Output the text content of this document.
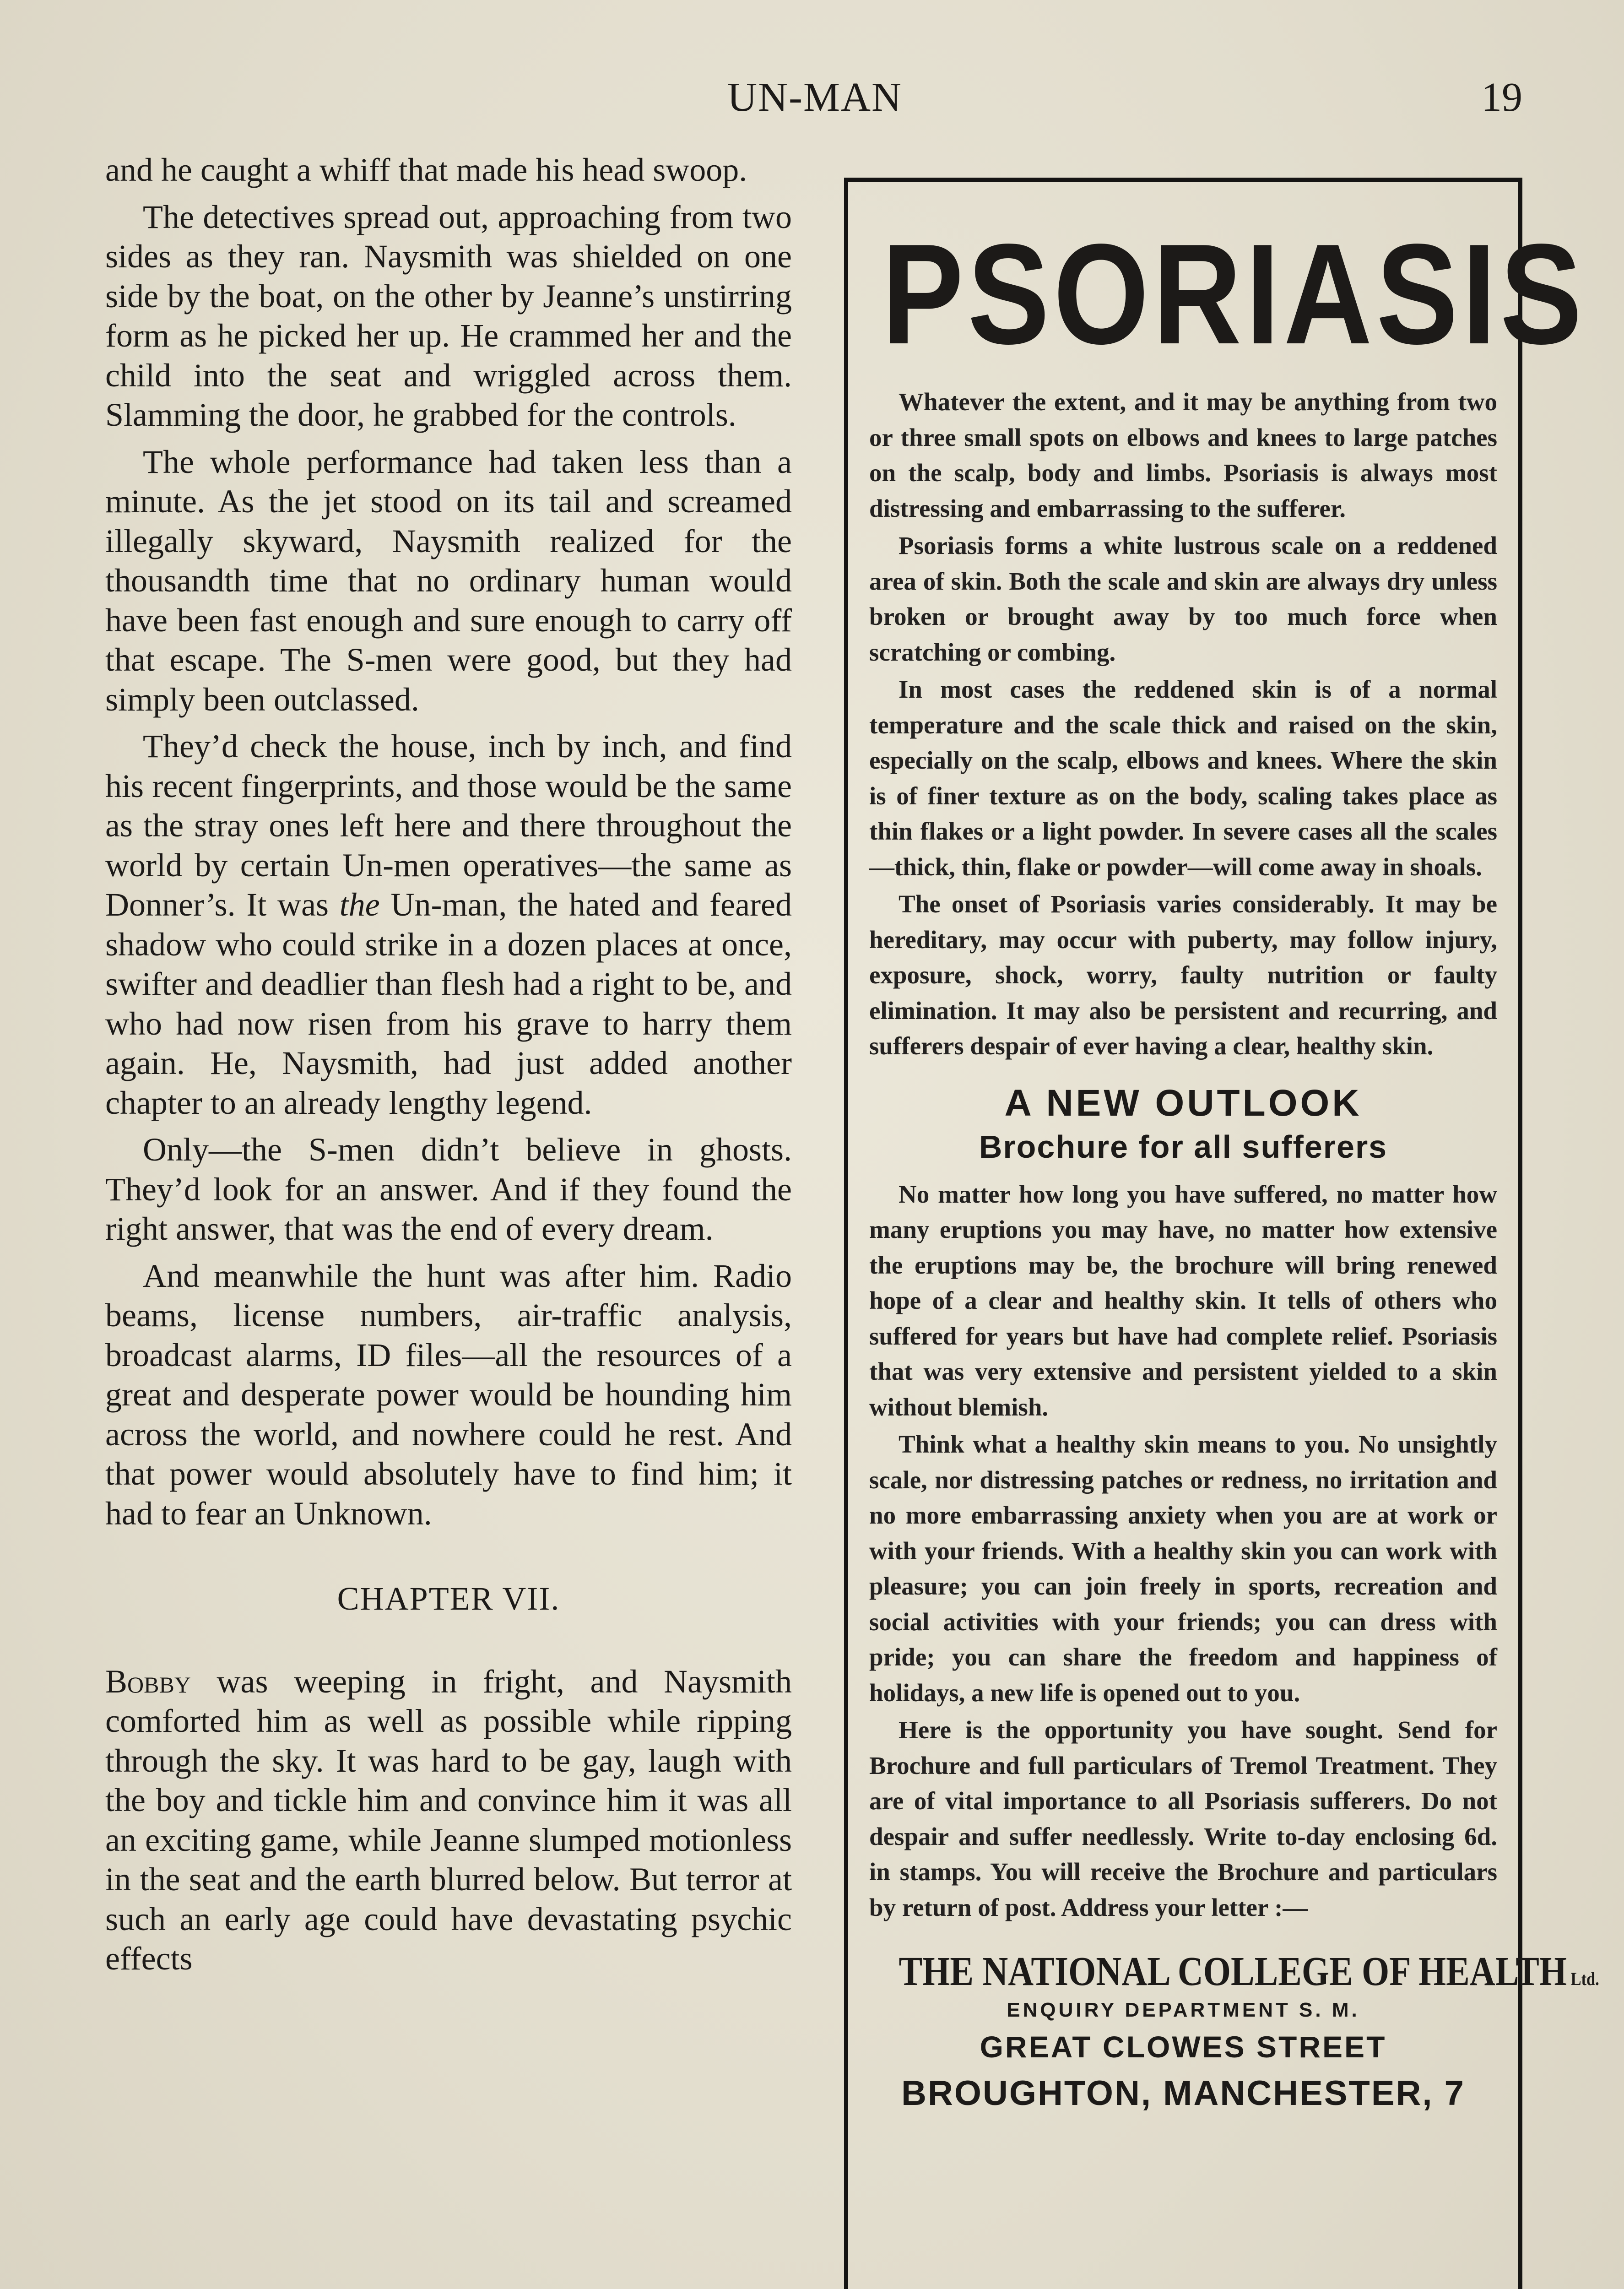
UN-MAN	19

and he caught a whiff that made his head swoop.

The detectives spread out, approaching from two sides as they ran. Naysmith was shielded on one side by the boat, on the other by Jeanne’s unstirring form as he picked her up. He crammed her and the child into the seat and wriggled across them. Slamming the door, he grabbed for the controls.

The whole performance had taken less than a minute. As the jet stood on its tail and screamed illegally skyward, Naysmith realized for the thousandth time that no ordinary human would have been fast enough and sure enough to carry off that escape. The S-men were good, but they had simply been outclassed.

They’d check the house, inch by inch, and find his recent fingerprints, and those would be the same as the stray ones left here and there throughout the world by certain Un-men operatives—the same as Donner’s. It was the Un-man, the hated and feared shadow who could strike in a dozen places at once, swifter and deadlier than flesh had a right to be, and who had now risen from his grave to harry them again. He, Naysmith, had just added another chapter to an already lengthy legend.

Only—the S-men didn’t believe in ghosts. They’d look for an answer. And if they found the right answer, that was the end of every dream.

And meanwhile the hunt was after him. Radio beams, license numbers, air-traffic analysis, broadcast alarms, ID files—all the resources of a great and desperate power would be hounding him across the world, and nowhere could he rest. And that power would absolutely have to find him; it had to fear an Unknown.

CHAPTER VII.

Bobby was weeping in fright, and Naysmith comforted him as well as possible while ripping through the sky. It was hard to be gay, laugh with the boy and tickle him and convince him it was all an exciting game, while Jeanne slumped motionless in the seat and the earth blurred below. But terror at such an early age could have devastating psychic effects

PSORIASIS

Whatever the extent, and it may be anything from two or three small spots on elbows and knees to large patches on the scalp, body and limbs. Psoriasis is always most distressing and embarrassing to the sufferer.

Psoriasis forms a white lustrous scale on a reddened area of skin. Both the scale and skin are always dry unless broken or brought away by too much force when scratching or combing.

In most cases the reddened skin is of a normal temperature and the scale thick and raised on the skin, especially on the scalp, elbows and knees. Where the skin is of finer texture as on the body, scaling takes place as thin flakes or a light powder. In severe cases all the scales—thick, thin, flake or powder—will come away in shoals.

The onset of Psoriasis varies considerably. It may be hereditary, may occur with puberty, may follow injury, exposure, shock, worry, faulty nutrition or faulty elimination. It may also be persistent and recurring, and sufferers despair of ever having a clear, healthy skin.

A NEW OUTLOOK
Brochure for all sufferers

No matter how long you have suffered, no matter how many eruptions you may have, no matter how extensive the eruptions may be, the brochure will bring renewed hope of a clear and healthy skin. It tells of others who suffered for years but have had complete relief. Psoriasis that was very extensive and persistent yielded to a skin without blemish.

Think what a healthy skin means to you. No unsightly scale, nor distressing patches or redness, no irritation and no more embarrassing anxiety when you are at work or with your friends. With a healthy skin you can work with pleasure; you can join freely in sports, recreation and social activities with your friends; you can dress with pride; you can share the freedom and happiness of holidays, a new life is opened out to you.

Here is the opportunity you have sought. Send for Brochure and full particulars of Tremol Treatment. They are of vital importance to all Psoriasis sufferers. Do not despair and suffer needlessly. Write to-day enclosing 6d. in stamps. You will receive the Brochure and particulars by return of post. Address your letter :—

THE NATIONAL COLLEGE OF HEALTH Ltd.
ENQUIRY DEPARTMENT S. M.
GREAT CLOWES STREET
BROUGHTON, MANCHESTER, 7
